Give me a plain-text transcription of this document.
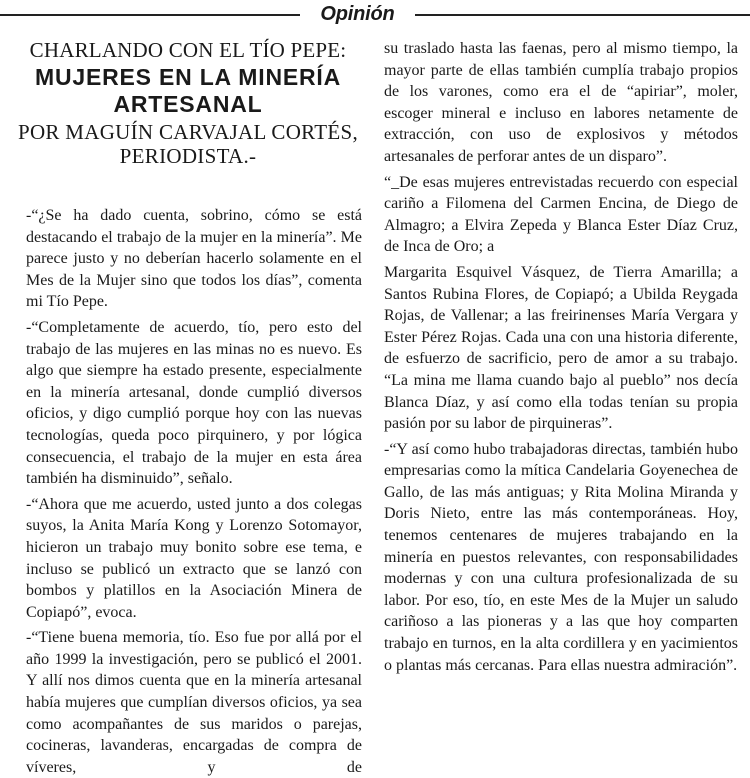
Opinión
CHARLANDO CON EL TÍO PEPE:
MUJERES EN LA MINERÍA
ARTESANAL
POR MAGUÍN CARVAJAL CORTÉS,
PERIODISTA.-

-“¿Se ha dado cuenta, sobrino, cómo se está destacando el trabajo de la mujer en la minería”. Me parece justo y no deberían hacerlo solamente en el Mes de la Mujer sino que todos los días”, comenta mi Tío Pepe.

-“Completamente de acuerdo, tío, pero esto del trabajo de las mujeres en las minas no es nuevo. Es algo que siempre ha estado presente, especialmente en la minería artesanal, donde cumplió diversos oficios, y digo cumplió porque hoy con las nuevas tecnologías, queda poco pirquinero, y por lógica consecuencia, el trabajo de la mujer en esta área también ha disminuido”, señalo.

-“Ahora que me acuerdo, usted junto a dos colegas suyos, la Anita María Kong y Lorenzo Sotomayor, hicieron un trabajo muy bonito sobre ese tema, e incluso se publicó un extracto que se lanzó con bombos y platillos en la Asociación Minera de Copiapó”, evoca.

-“Tiene buena memoria, tío. Eso fue por allá por el año 1999 la investigación, pero se publicó el 2001. Y allí nos dimos cuenta que en la minería artesanal había mujeres que cumplían diversos oficios, ya sea como acompañantes de sus maridos o parejas, cocineras, lavanderas, encargadas de compra de víveres, y de

su traslado hasta las faenas, pero al mismo tiempo, la mayor parte de ellas también cumplía trabajo propios de los varones, como era el de “apiriar”, moler, escoger mineral e incluso en labores netamente de extracción, con uso de explosivos y métodos artesanales de perforar antes de un disparo”.

“_De esas mujeres entrevistadas recuerdo con especial cariño a Filomena del Carmen Encina, de Diego de Almagro; a Elvira Zepeda y Blanca Ester Díaz Cruz, de Inca de Oro; a

Margarita Esquivel Vásquez, de Tierra Amarilla; a Santos Rubina Flores, de Copiapó; a Ubilda Reygada Rojas, de Vallenar; a las freirinenses María Vergara y Ester Pérez Rojas. Cada una con una historia diferente, de esfuerzo de sacrificio, pero de amor a su trabajo. “La mina me llama cuando bajo al pueblo” nos decía Blanca Díaz, y así como ella todas tenían su propia pasión por su labor de pirquineras”.

-“Y así como hubo trabajadoras directas, también hubo empresarias como la mítica Candelaria Goyenechea de Gallo, de las más antiguas; y Rita Molina Miranda y Doris Nieto, entre las más contemporáneas. Hoy, tenemos centenares de mujeres trabajando en la minería en puestos relevantes, con responsabilidades modernas y con una cultura profesionalizada de su labor. Por eso, tío, en este Mes de la Mujer un saludo cariñoso a las pioneras y a las que hoy comparten trabajo en turnos, en la alta cordillera y en yacimientos o plantas más cercanas. Para ellas nuestra admiración”.
